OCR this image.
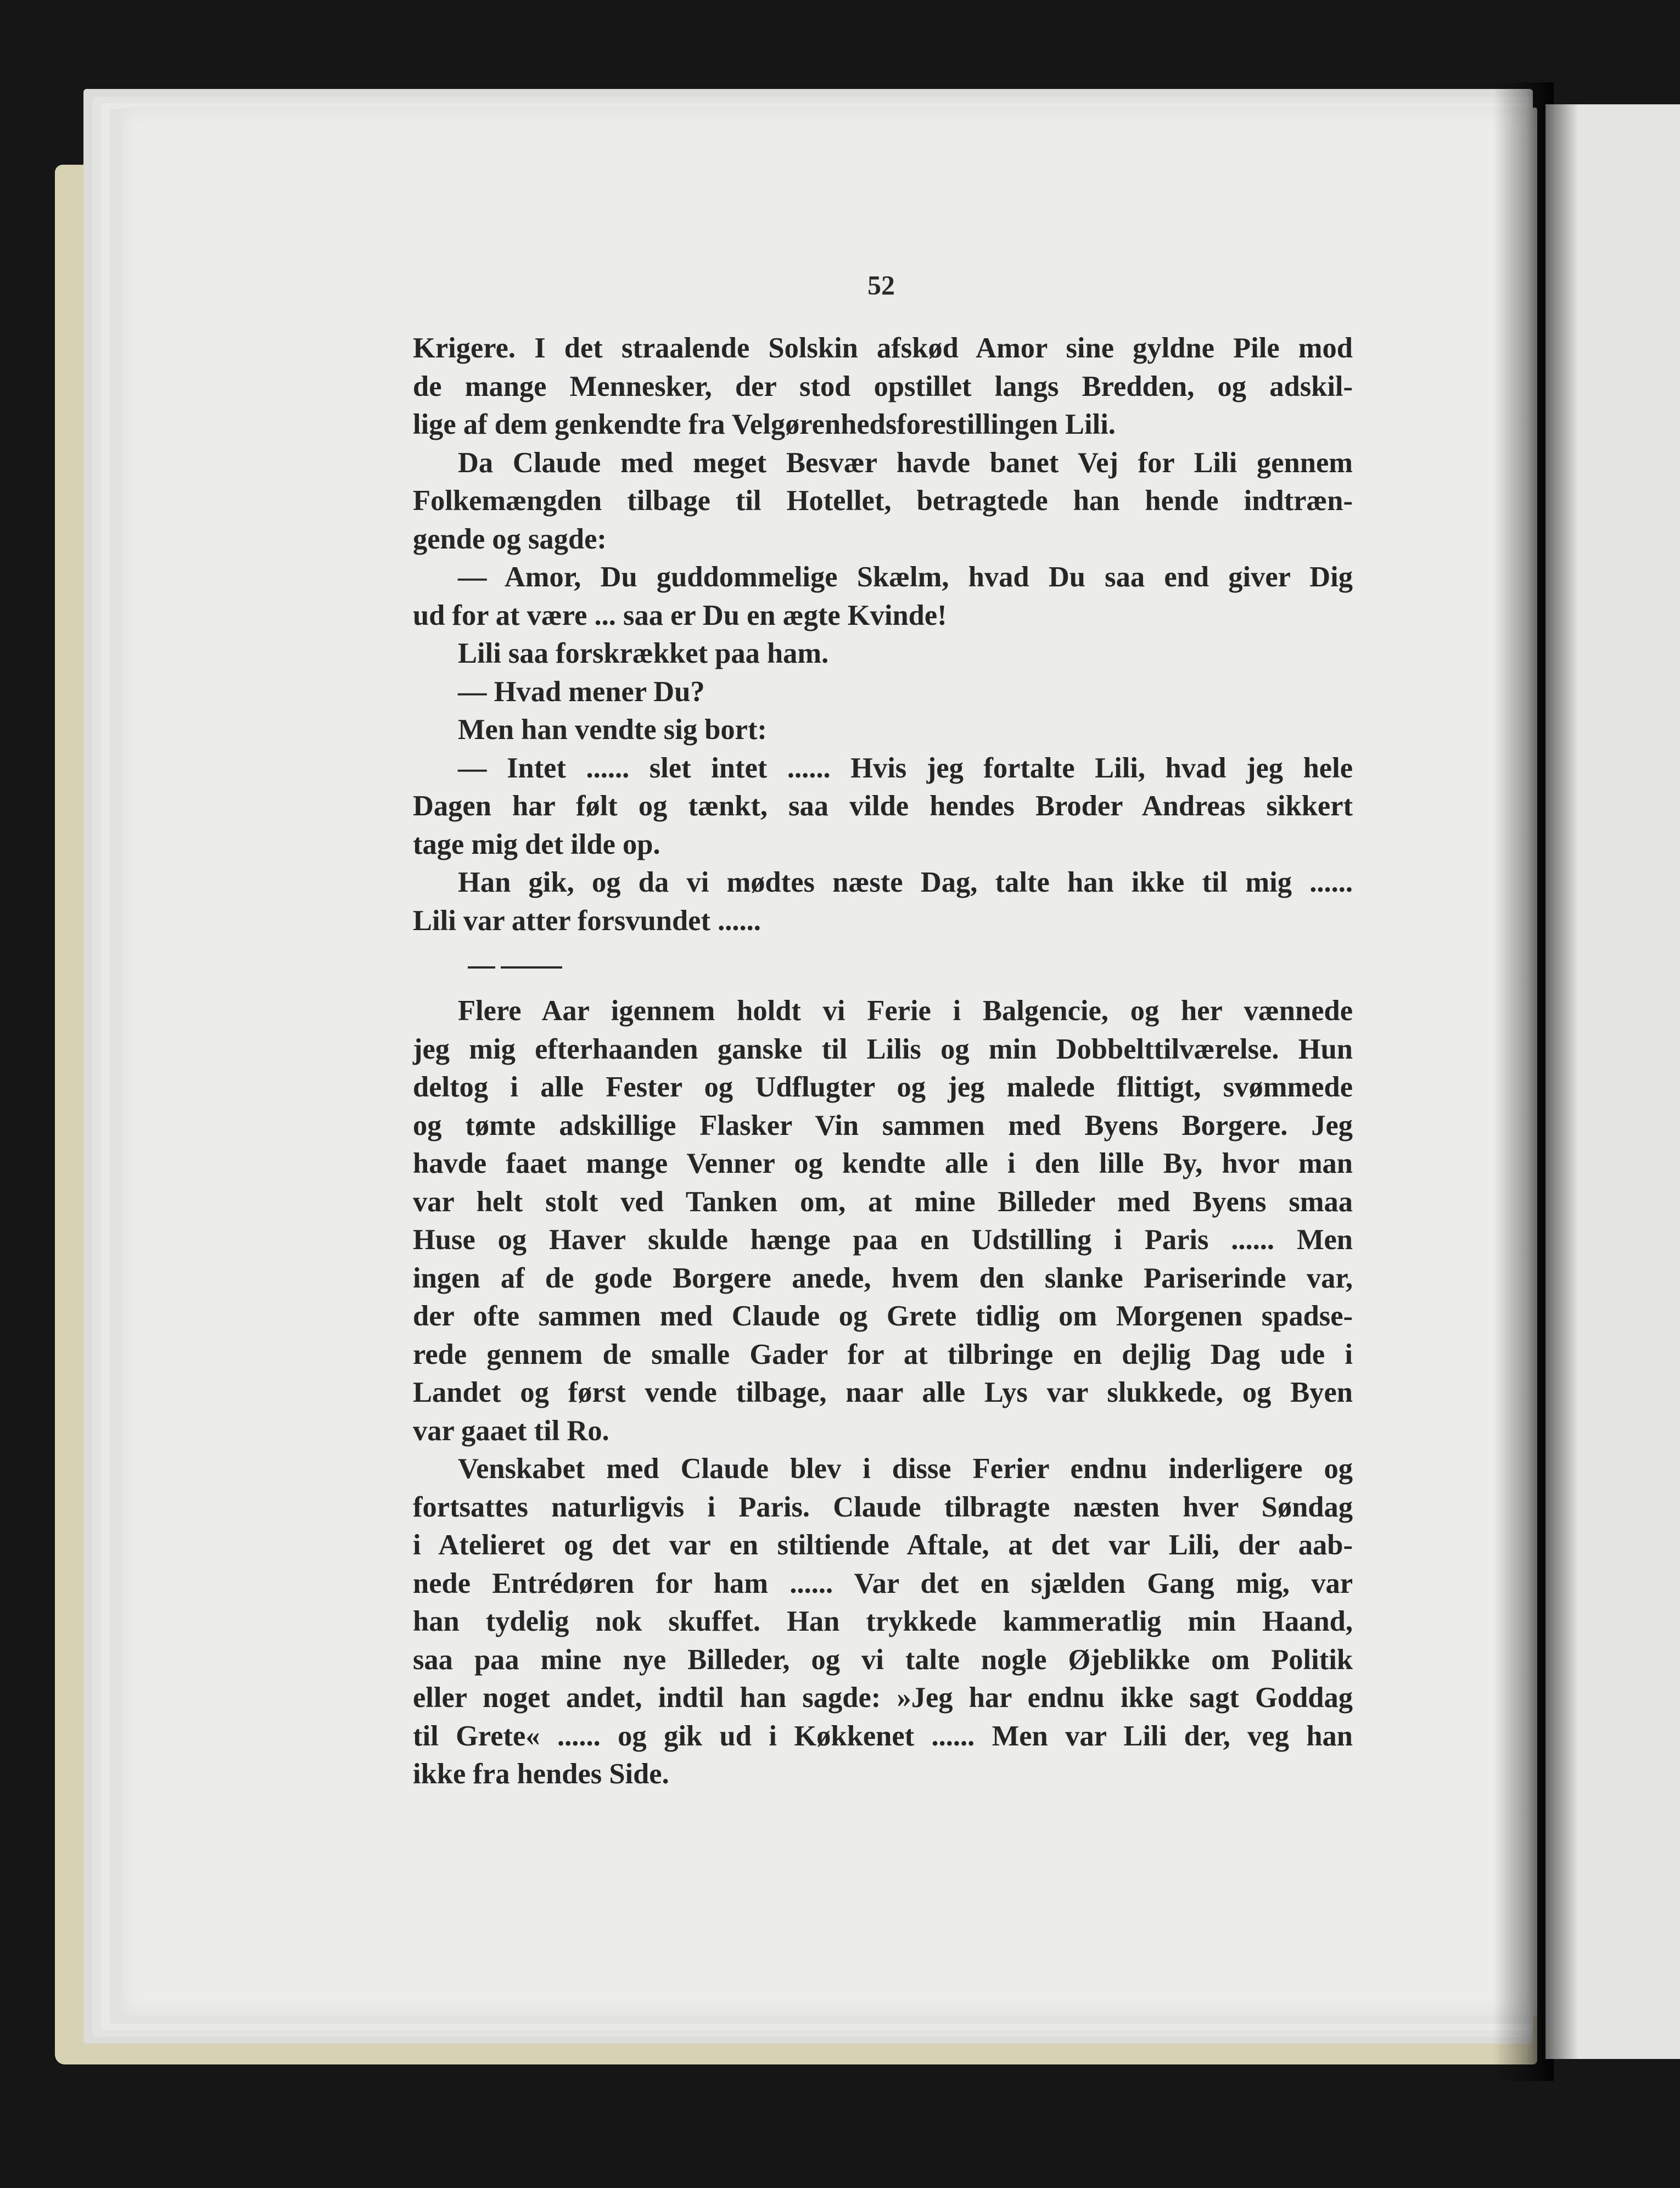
52
Krigere. I det straalende Solskin afskød Amor sine gyldne Pile mod
de mange Mennesker, der stod opstillet langs Bredden, og adskil-
lige af dem genkendte fra Velgørenhedsforestillingen Lili.
Da Claude med meget Besvær havde banet Vej for Lili gennem
Folkemængden tilbage til Hotellet, betragtede han hende indtræn-
gende og sagde:
— Amor, Du guddommelige Skælm, hvad Du saa end giver Dig
ud for at være ... saa er Du en ægte Kvinde!
Lili saa forskrækket paa ham.
— Hvad mener Du?
Men han vendte sig bort:
— Intet ...... slet intet ...... Hvis jeg fortalte Lili, hvad jeg hele
Dagen har følt og tænkt, saa vilde hendes Broder Andreas sikkert
tage mig det ilde op.
Han gik, og da vi mødtes næste Dag, talte han ikke til mig ......
Lili var atter forsvundet ......
Flere Aar igennem holdt vi Ferie i Balgencie, og her vænnede
jeg mig efterhaanden ganske til Lilis og min Dobbelttilværelse. Hun
deltog i alle Fester og Udflugter og jeg malede flittigt, svømmede
og tømte adskillige Flasker Vin sammen med Byens Borgere. Jeg
havde faaet mange Venner og kendte alle i den lille By, hvor man
var helt stolt ved Tanken om, at mine Billeder med Byens smaa
Huse og Haver skulde hænge paa en Udstilling i Paris ...... Men
ingen af de gode Borgere anede, hvem den slanke Pariserinde var,
der ofte sammen med Claude og Grete tidlig om Morgenen spadse-
rede gennem de smalle Gader for at tilbringe en dejlig Dag ude i
Landet og først vende tilbage, naar alle Lys var slukkede, og Byen
var gaaet til Ro.
Venskabet med Claude blev i disse Ferier endnu inderligere og
fortsattes naturligvis i Paris. Claude tilbragte næsten hver Søndag
i Atelieret og det var en stiltiende Aftale, at det var Lili, der aab-
nede Entrédøren for ham ...... Var det en sjælden Gang mig, var
han tydelig nok skuffet. Han trykkede kammeratlig min Haand,
saa paa mine nye Billeder, og vi talte nogle Øjeblikke om Politik
eller noget andet, indtil han sagde: »Jeg har endnu ikke sagt Goddag
til Grete« ...... og gik ud i Køkkenet ...... Men var Lili der, veg han
ikke fra hendes Side.
